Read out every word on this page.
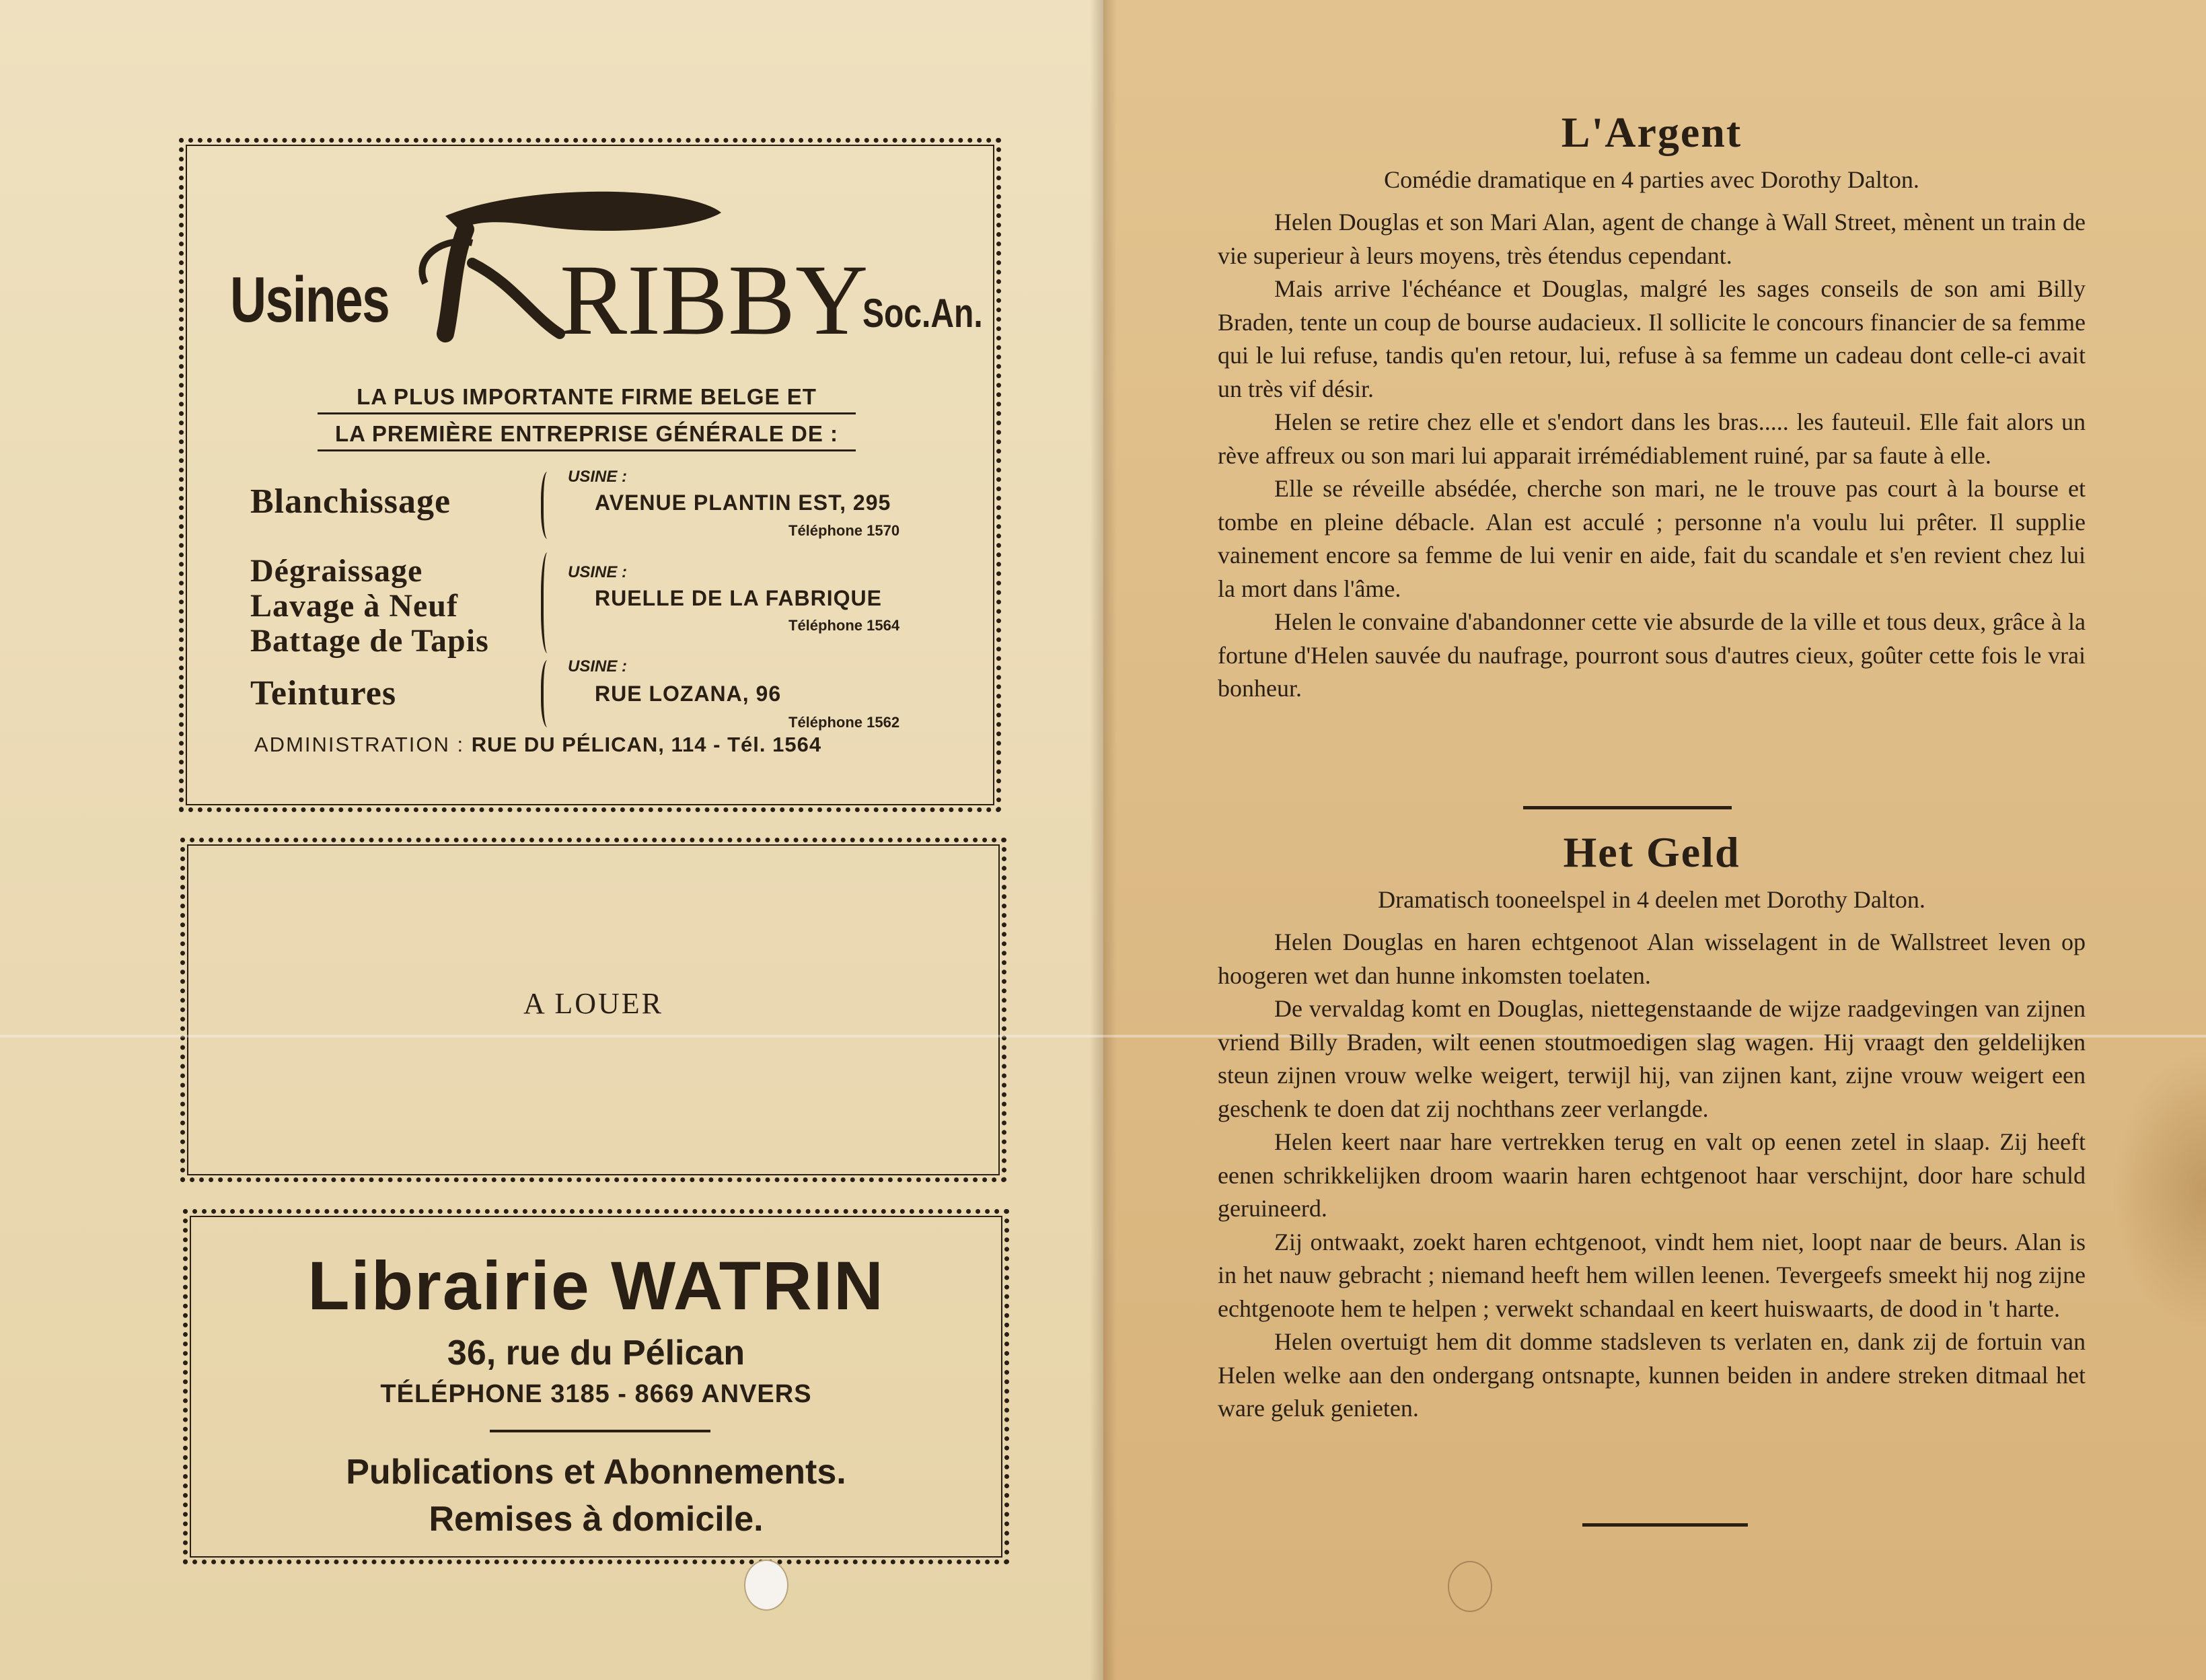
Usines RIBBY
Soc.An.
LA PLUS IMPORTANTE FIRME BELGE ET
LA PREMIÈRE ENTREPRISE GÉNÉRALE DE :
Blanchissage
Dégraissage
Lavage à Neuf
Battage de Tapis
Teintures
USINE :
AVENUE PLANTIN EST, 295
Téléphone 1570
USINE :
RUELLE DE LA FABRIQUE
Téléphone 1564
USINE :
RUE LOZANA, 96
Téléphone 1562
ADMINISTRATION : RUE DU PÉLICAN, 114 - Tél. 1564
A LOUER
Librairie WATRIN
36, rue du Pélican
TÉLÉPHONE 3185 - 8669 ANVERS
Publications et Abonnements.
Remises à domicile.
L'Argent
Comédie dramatique en 4 parties avec Dorothy Dalton.

Helen Douglas et son Mari Alan, agent de change à Wall Street, mènent un train de vie superieur à leurs moyens, très étendus cependant.

Mais arrive l'échéance et Douglas, malgré les sages conseils de son ami Billy Braden, tente un coup de bourse audacieux. Il sollicite le concours financier de sa femme qui le lui refuse, tandis qu'en retour, lui, refuse à sa femme un cadeau dont celle-ci avait un très vif désir.

Helen se retire chez elle et s'endort dans les bras..... les fauteuil. Elle fait alors un rève affreux ou son mari lui apparait irrémédiablement ruiné, par sa faute à elle.

Elle se réveille absédée, cherche son mari, ne le trouve pas court à la bourse et tombe en pleine débacle. Alan est acculé ; personne n'a voulu lui prêter. Il supplie vainement encore sa femme de lui venir en aide, fait du scandale et s'en revient chez lui la mort dans l'âme.

Helen le convaine d'abandonner cette vie absurde de la ville et tous deux, grâce à la fortune d'Helen sauvée du naufrage, pourront sous d'autres cieux, goûter cette fois le vrai bonheur.

Het Geld
Dramatisch tooneelspel in 4 deelen met Dorothy Dalton.

Helen Douglas en haren echtgenoot Alan wisselagent in de Wallstreet leven op hoogeren wet dan hunne inkomsten toelaten.

De vervaldag komt en Douglas, niettegenstaande de wijze raadgevingen van zijnen vriend Billy Braden, wilt eenen stoutmoedigen slag wagen. Hij vraagt den geldelijken steun zijnen vrouw welke weigert, terwijl hij, van zijnen kant, zijne vrouw weigert een geschenk te doen dat zij nochthans zeer verlangde.

Helen keert naar hare vertrekken terug en valt op eenen zetel in slaap. Zij heeft eenen schrikkelijken droom waarin haren echtgenoot haar verschijnt, door hare schuld geruineerd.

Zij ontwaakt, zoekt haren echtgenoot, vindt hem niet, loopt naar de beurs. Alan is in het nauw gebracht ; niemand heeft hem willen leenen. Tevergeefs smeekt hij nog zijne echtgenoote hem te helpen ; verwekt schandaal en keert huiswaarts, de dood in 't harte.

Helen overtuigt hem dit domme stadsleven ts verlaten en, dank zij de fortuin van Helen welke aan den ondergang ontsnapte, kunnen beiden in andere streken ditmaal het ware geluk genieten.
